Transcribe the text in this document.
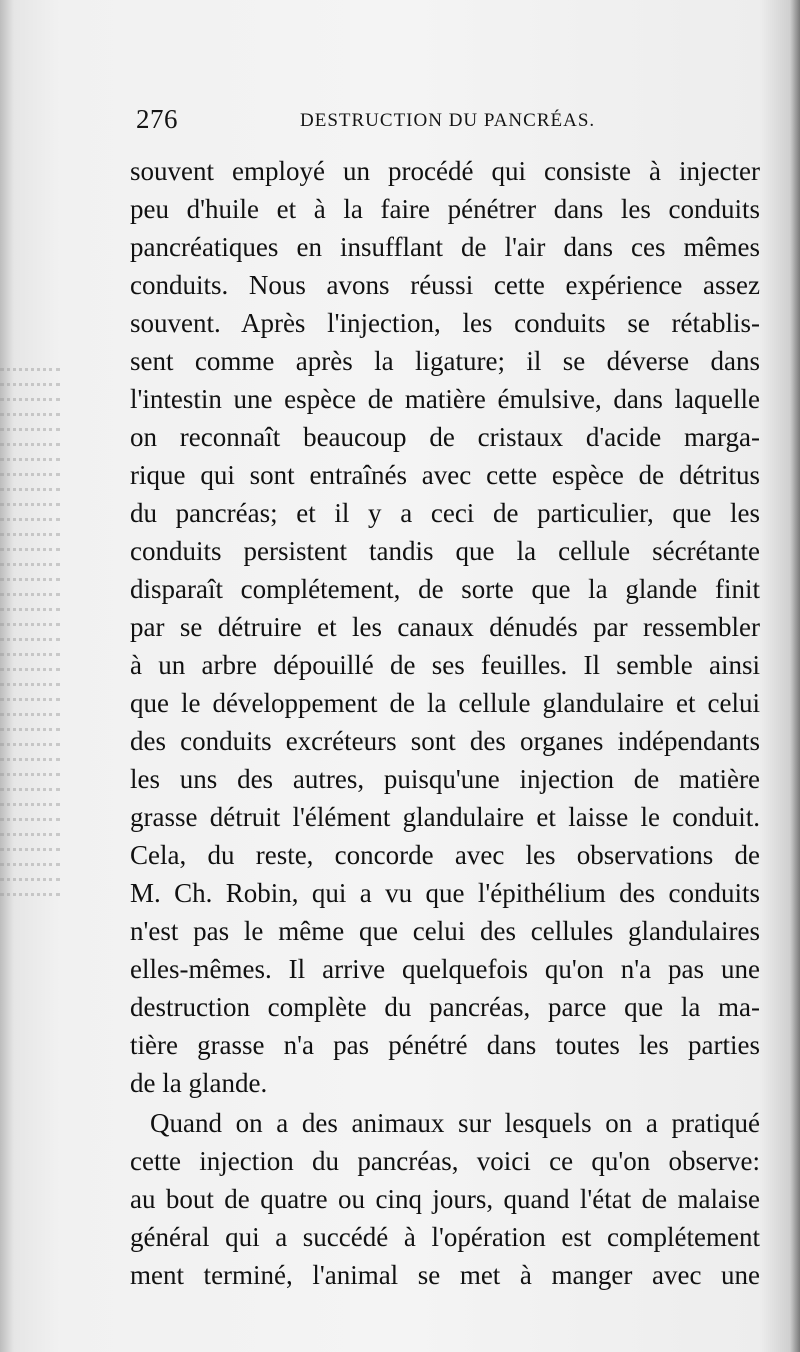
276	DESTRUCTION DU PANCRÉAS.
souvent employé un procédé qui consiste à injecter
peu d'huile et à la faire pénétrer dans les conduits
pancréatiques en insufflant de l'air dans ces mêmes
conduits. Nous avons réussi cette expérience assez
souvent. Après l'injection, les conduits se rétablis-
sent comme après la ligature; il se déverse dans
l'intestin une espèce de matière émulsive, dans laquelle
on reconnaît beaucoup de cristaux d'acide marga-
rique qui sont entraînés avec cette espèce de détritus
du pancréas; et il y a ceci de particulier, que les
conduits persistent tandis que la cellule sécrétante
disparaît complétement, de sorte que la glande finit
par se détruire et les canaux dénudés par ressembler
à un arbre dépouillé de ses feuilles. Il semble ainsi
que le développement de la cellule glandulaire et celui
des conduits excréteurs sont des organes indépendants
les uns des autres, puisqu'une injection de matière
grasse détruit l'élément glandulaire et laisse le conduit.
Cela, du reste, concorde avec les observations de
M. Ch. Robin, qui a vu que l'épithélium des conduits
n'est pas le même que celui des cellules glandulaires
elles-mêmes. Il arrive quelquefois qu'on n'a pas une
destruction complète du pancréas, parce que la ma-
tière grasse n'a pas pénétré dans toutes les parties
de la glande.
Quand on a des animaux sur lesquels on a pratiqué
cette injection du pancréas, voici ce qu'on observe:
au bout de quatre ou cinq jours, quand l'état de malaise
général qui a succédé à l'opération est complétement
ment terminé, l'animal se met à manger avec une
